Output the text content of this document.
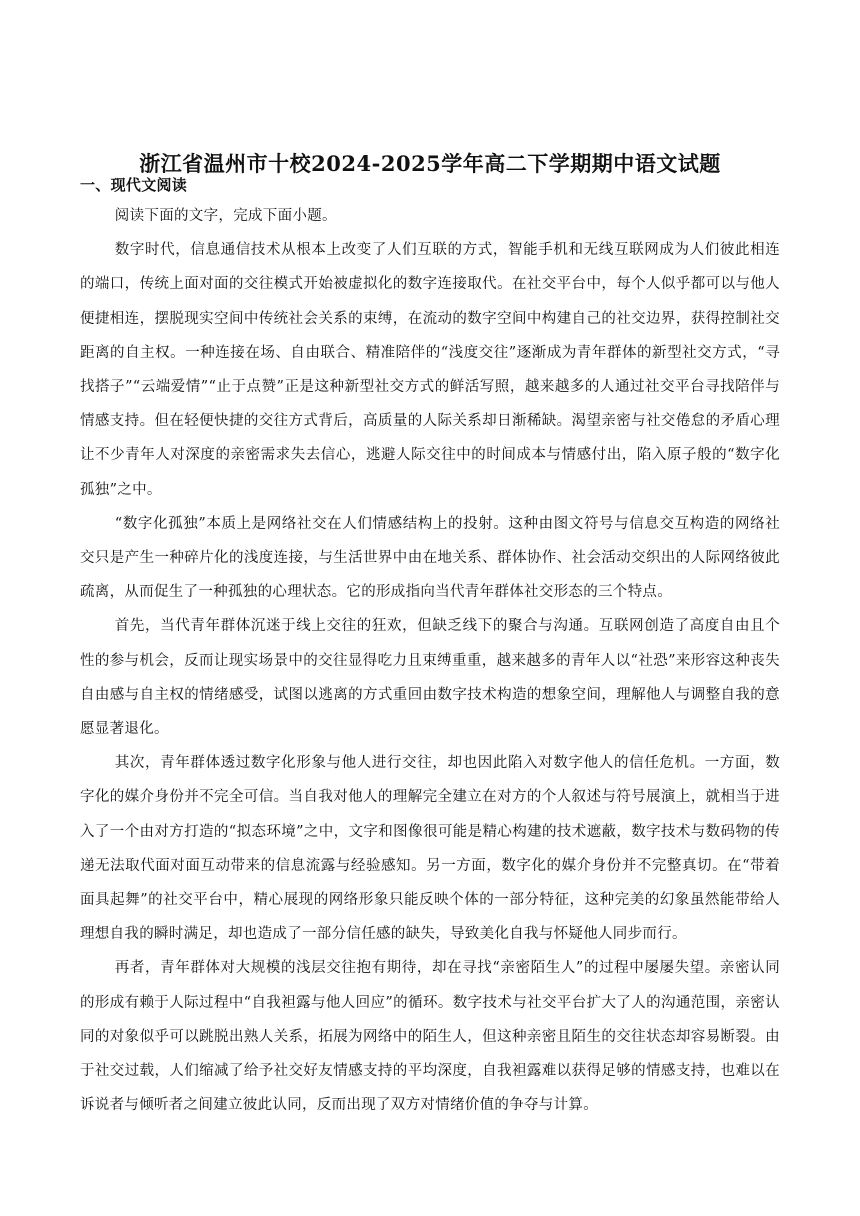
浙江省温州市十校2024-2025学年高二下学期期中语文试题
一、现代文阅读

阅读下面的文字，完成下面小题。

数字时代，信息通信技术从根本上改变了人们互联的方式，智能手机和无线互联网成为人们彼此相连的端口，传统上面对面的交往模式开始被虚拟化的数字连接取代。在社交平台中，每个人似乎都可以与他人便捷相连，摆脱现实空间中传统社会关系的束缚，在流动的数字空间中构建自己的社交边界，获得控制社交距离的自主权。一种连接在场、自由联合、精准陪伴的“浅度交往”逐渐成为青年群体的新型社交方式，“寻找搭子”“云端爱情”“止于点赞”正是这种新型社交方式的鲜活写照，越来越多的人通过社交平台寻找陪伴与情感支持。但在轻便快捷的交往方式背后，高质量的人际关系却日渐稀缺。渴望亲密与社交倦怠的矛盾心理让不少青年人对深度的亲密需求失去信心，逃避人际交往中的时间成本与情感付出，陷入原子般的“数字化孤独”之中。

“数字化孤独”本质上是网络社交在人们情感结构上的投射。这种由图文符号与信息交互构造的网络社交只是产生一种碎片化的浅度连接，与生活世界中由在地关系、群体协作、社会活动交织出的人际网络彼此疏离，从而促生了一种孤独的心理状态。它的形成指向当代青年群体社交形态的三个特点。

首先，当代青年群体沉迷于线上交往的狂欢，但缺乏线下的聚合与沟通。互联网创造了高度自由且个性的参与机会，反而让现实场景中的交往显得吃力且束缚重重，越来越多的青年人以“社恐”来形容这种丧失自由感与自主权的情绪感受，试图以逃离的方式重回由数字技术构造的想象空间，理解他人与调整自我的意愿显著退化。

其次，青年群体透过数字化形象与他人进行交往，却也因此陷入对数字他人的信任危机。一方面，数字化的媒介身份并不完全可信。当自我对他人的理解完全建立在对方的个人叙述与符号展演上，就相当于进入了一个由对方打造的“拟态环境”之中，文字和图像很可能是精心构建的技术遮蔽，数字技术与数码物的传递无法取代面对面互动带来的信息流露与经验感知。另一方面，数字化的媒介身份并不完整真切。在“带着面具起舞”的社交平台中，精心展现的网络形象只能反映个体的一部分特征，这种完美的幻象虽然能带给人理想自我的瞬时满足，却也造成了一部分信任感的缺失，导致美化自我与怀疑他人同步而行。

再者，青年群体对大规模的浅层交往抱有期待，却在寻找“亲密陌生人”的过程中屡屡失望。亲密认同的形成有赖于人际过程中“自我袒露与他人回应”的循环。数字技术与社交平台扩大了人的沟通范围，亲密认同的对象似乎可以跳脱出熟人关系，拓展为网络中的陌生人，但这种亲密且陌生的交往状态却容易断裂。由于社交过载，人们缩减了给予社交好友情感支持的平均深度，自我袒露难以获得足够的情感支持，也难以在诉说者与倾听者之间建立彼此认同，反而出现了双方对情绪价值的争夺与计算。
